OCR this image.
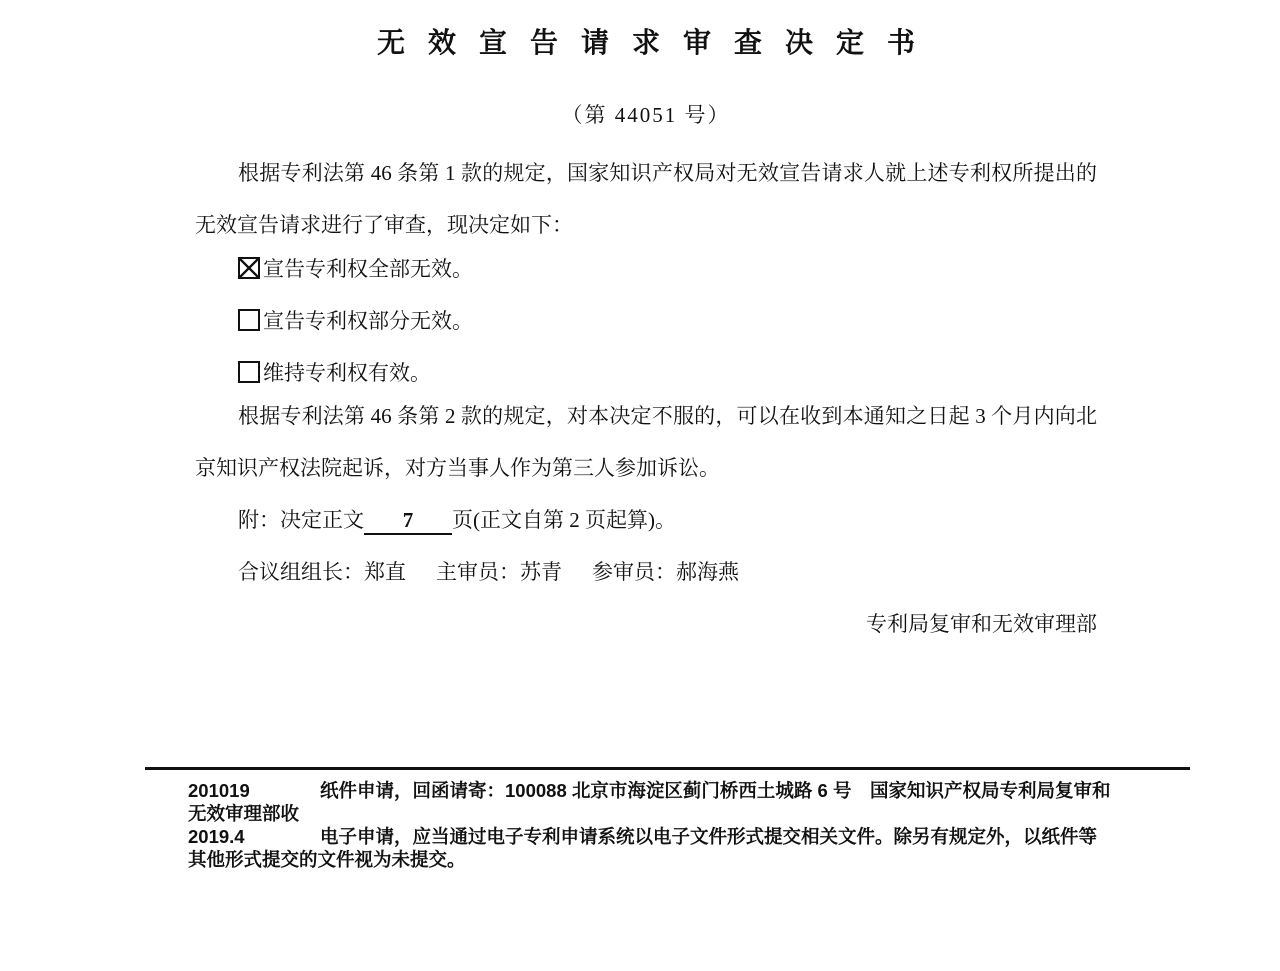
无效宣告请求审查决定书
（第 44051 号）

根据专利法第 46 条第 1 款的规定，国家知识产权局对无效宣告请求人就上述专利权所提出的无效宣告请求进行了审查，现决定如下：

宣告专利权全部无效。
宣告专利权部分无效。
维持专利权有效。

根据专利法第 46 条第 2 款的规定，对本决定不服的，可以在收到本通知之日起 3 个月内向北京知识产权法院起诉，对方当事人作为第三人参加诉讼。

附：决定正文 7 页(正文自第 2 页起算)。

合议组组长：郑直 主审员：苏青 参审员：郝海燕

专利局复审和无效审理部

201019	纸件申请，回函请寄：100088 北京市海淀区蓟门桥西土城路 6 号　国家知识产权局专利局复审和无效审理部收

2019.4	电子申请，应当通过电子专利申请系统以电子文件形式提交相关文件。除另有规定外，以纸件等其他形式提交的文件视为未提交。
